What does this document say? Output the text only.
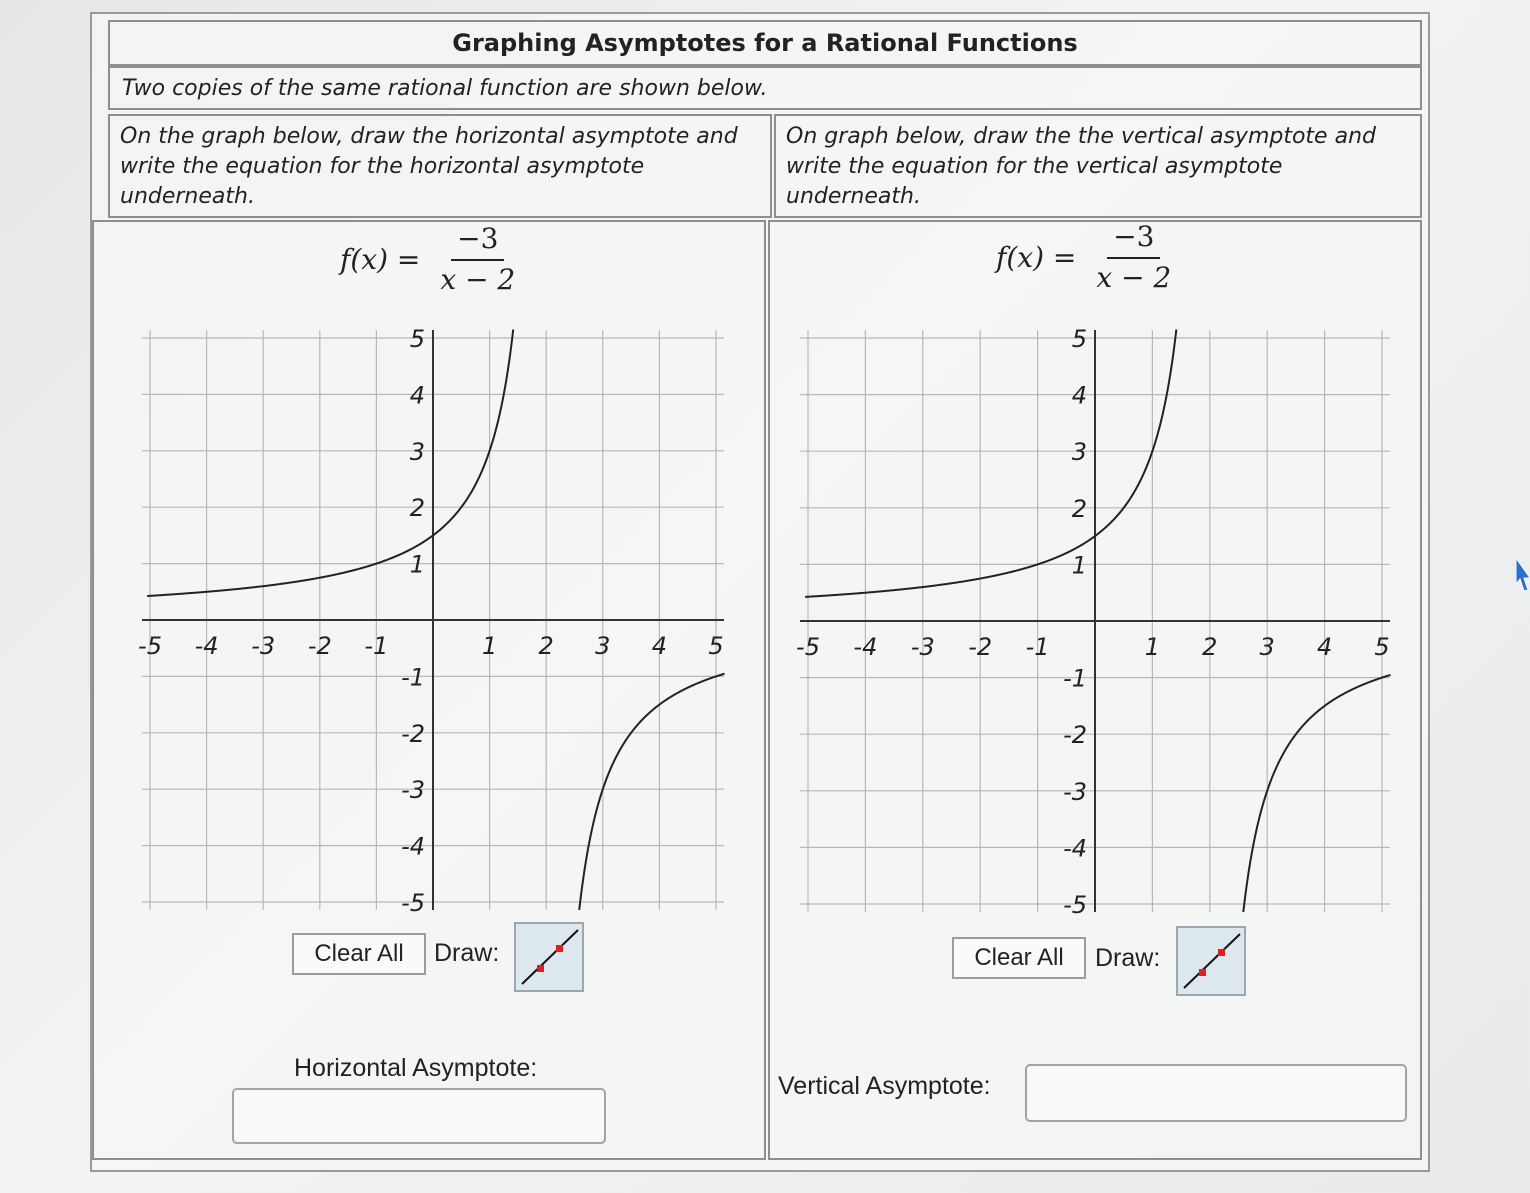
Graphing Asymptotes for a Rational Functions
Two copies of the same rational function are shown below.
On the graph below, draw the horizontal asymptote and write the equation for the horizontal asymptote underneath.
On graph below, draw the the vertical asymptote and write the equation for the vertical asymptote underneath.
$f(x) = \frac{-3}{x - 2}$	$f(x) = \frac{-3}{x - 2}$
-5 -4 -3 -2 -1	1 2 3 4 5
5
4
3
2
1
-1
-2
-3
-4
-5
-5 -4 -3 -2 -1	1 2 3 4 5
5
4
3
2
1
-1
-2
-3
-4
-5
Clear All	Draw:
Horizontal Asymptote:
Clear All	Draw:
Vertical Asymptote:
